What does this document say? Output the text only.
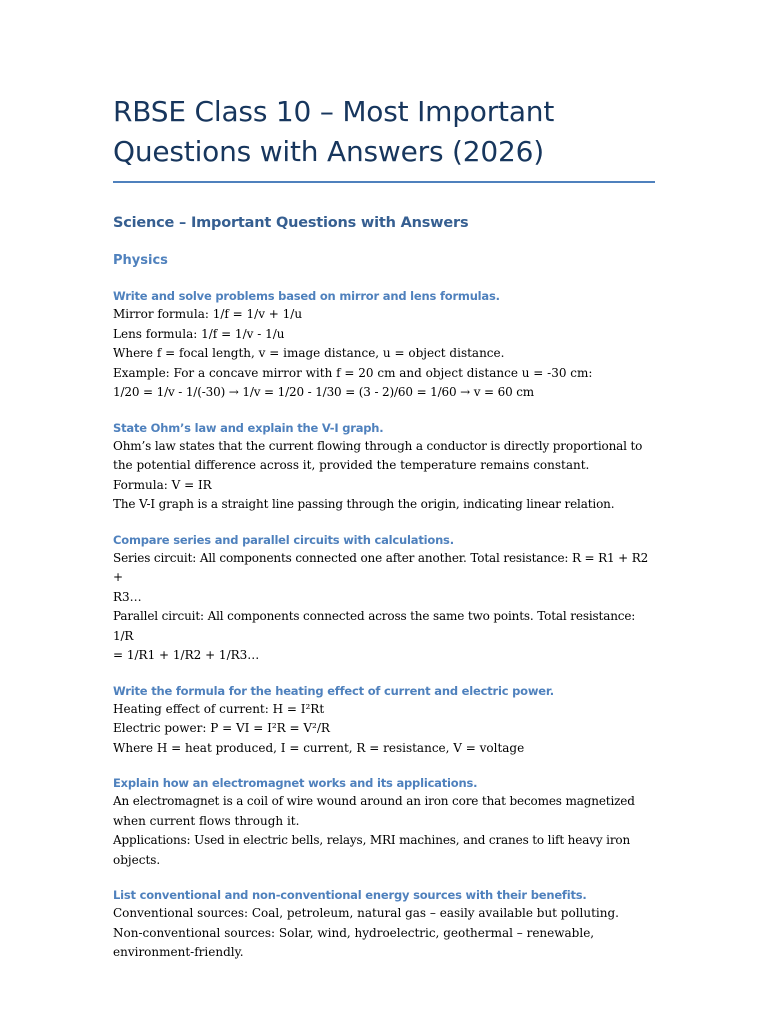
RBSE Class 10 – Most Important
Questions with Answers (2026)
Science – Important Questions with Answers
Physics
Write and solve problems based on mirror and lens formulas.

Mirror formula: 1/f = 1/v + 1/u

Lens formula: 1/f = 1/v - 1/u

Where f = focal length, v = image distance, u = object distance.

Example: For a concave mirror with f = 20 cm and object distance u = -30 cm:

1/20 = 1/v - 1/(-30) → 1/v = 1/20 - 1/30 = (3 - 2)/60 = 1/60 → v = 60 cm

State Ohm’s law and explain the V-I graph.

Ohm’s law states that the current flowing through a conductor is directly proportional to

the potential difference across it, provided the temperature remains constant.

Formula: V = IR

The V-I graph is a straight line passing through the origin, indicating linear relation.

Compare series and parallel circuits with calculations.

Series circuit: All components connected one after another. Total resistance: R = R1 + R2 +

R3…

Parallel circuit: All components connected across the same two points. Total resistance: 1/R

= 1/R1 + 1/R2 + 1/R3…

Write the formula for the heating effect of current and electric power.

Heating effect of current: H = I²Rt

Electric power: P = VI = I²R = V²/R

Where H = heat produced, I = current, R = resistance, V = voltage

Explain how an electromagnet works and its applications.

An electromagnet is a coil of wire wound around an iron core that becomes magnetized

when current flows through it.

Applications: Used in electric bells, relays, MRI machines, and cranes to lift heavy iron

objects.

List conventional and non-conventional energy sources with their benefits.

Conventional sources: Coal, petroleum, natural gas – easily available but polluting.

Non-conventional sources: Solar, wind, hydroelectric, geothermal – renewable,

environment-friendly.
